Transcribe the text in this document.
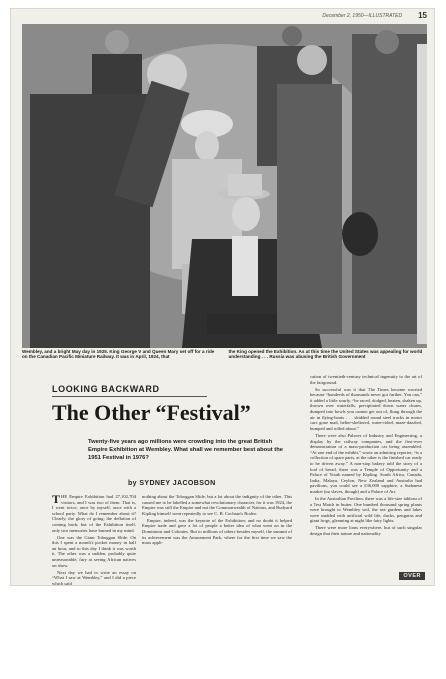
December 2, 1950—ILLUSTRATED 15
Wembley, and a bright May day in 1925. King George V and Queen Mary set off for a ride on the Canadian Pacific Miniature Railway. It was in April, 1924, that
the King opened the Exhibition. As at this time the United States was appealing for world understanding . . . Russia was abusing the British Government
LOOKING BACKWARD
The Other “Festival”
Twenty-five years ago millions were crowding into the great British Empire Exhibition at Wembley. What shall we remember best about the 1951 Festival in 1976?
by SYDNEY JACOBSON

THE Empire Exhibition had 27,102,704 visitors, and I was two of them. That is, I went twice, once by myself, once with a school party. What do I remember about it? Clearly, the glory of going, the deflation of coming back; but of the Exhibition itself, only two memories have burned in my mind.

One was the Giant Toboggan Slide. On this I spent a month's pocket money in half an hour, and to this day I think it was worth it. The other was a sudden, probably quite unreasonable, fury at seeing African natives on show.

Next day we had to write an essay on “What I saw at Wembley,” and I did a piece which said

nothing about the Toboggan Slide, but a lot about the indignity of the other. This caused me to be labelled a somewhat revolutionary character, for it was 1924, the Empire was still the Empire and not the Commonwealth of Nations, and Rudyard Kipling himself went repeatedly to see C. B. Cochran's Rodeo.

Empire, indeed, was the keynote of the Exhibition; and no doubt it helped Empire trade and gave a lot of people a better idea of what went on in the Dominions and Colonies. But to millions of others besides myself, the summit of its achievement was the Amusement Park, where for the first time we saw the mass appli-

cation of twentieth-century technical ingenuity to the art of the fairground.

So successful was it that The Times became worried because “hundreds of thousands never got further. You can,” it added a little sourly, “be raced, dodged, beaten, shaken up, thrown over waterfalls, precipitated down water chutes, dumped into bowls you cannot get out of, flung through the air in flying-boats . . . skidded round steel tracks in motor cars gone mad, helter-skeltered, water-rided, maze-dazzled, bumped and rolled about.”

There were also Palaces of Industry and Engineering, a display by the railway companies, and the first-ever demonstration of a mass-production car being assembled. “At one end of the exhibit,” wrote an admiring reporter, “is a collection of spare parts, at the other is the finished car ready to be driven away.” A non-stop bakery told the story of a loaf of bread, there was a Temple of Opportunity and a Palace of Youth named by Kipling. South Africa, Canada, India, Malaya, Ceylon, New Zealand and Australia had pavilions, you could see a £36,000 sapphire, a Sudanese market (no slaves, though) and a Palace of Art.

In the Australian Pavilion, there was a life-size tableau of a Test Match in butter. One hundred thousand spring plants were brought to Wembley soil, the sea gardens and lakes were studded with artificial wild life, ducks, penguins and giant frogs, gleaming at night like fairy lights.

There were more lions everywhere, but of such singular design that their nature and nationality

OVER
